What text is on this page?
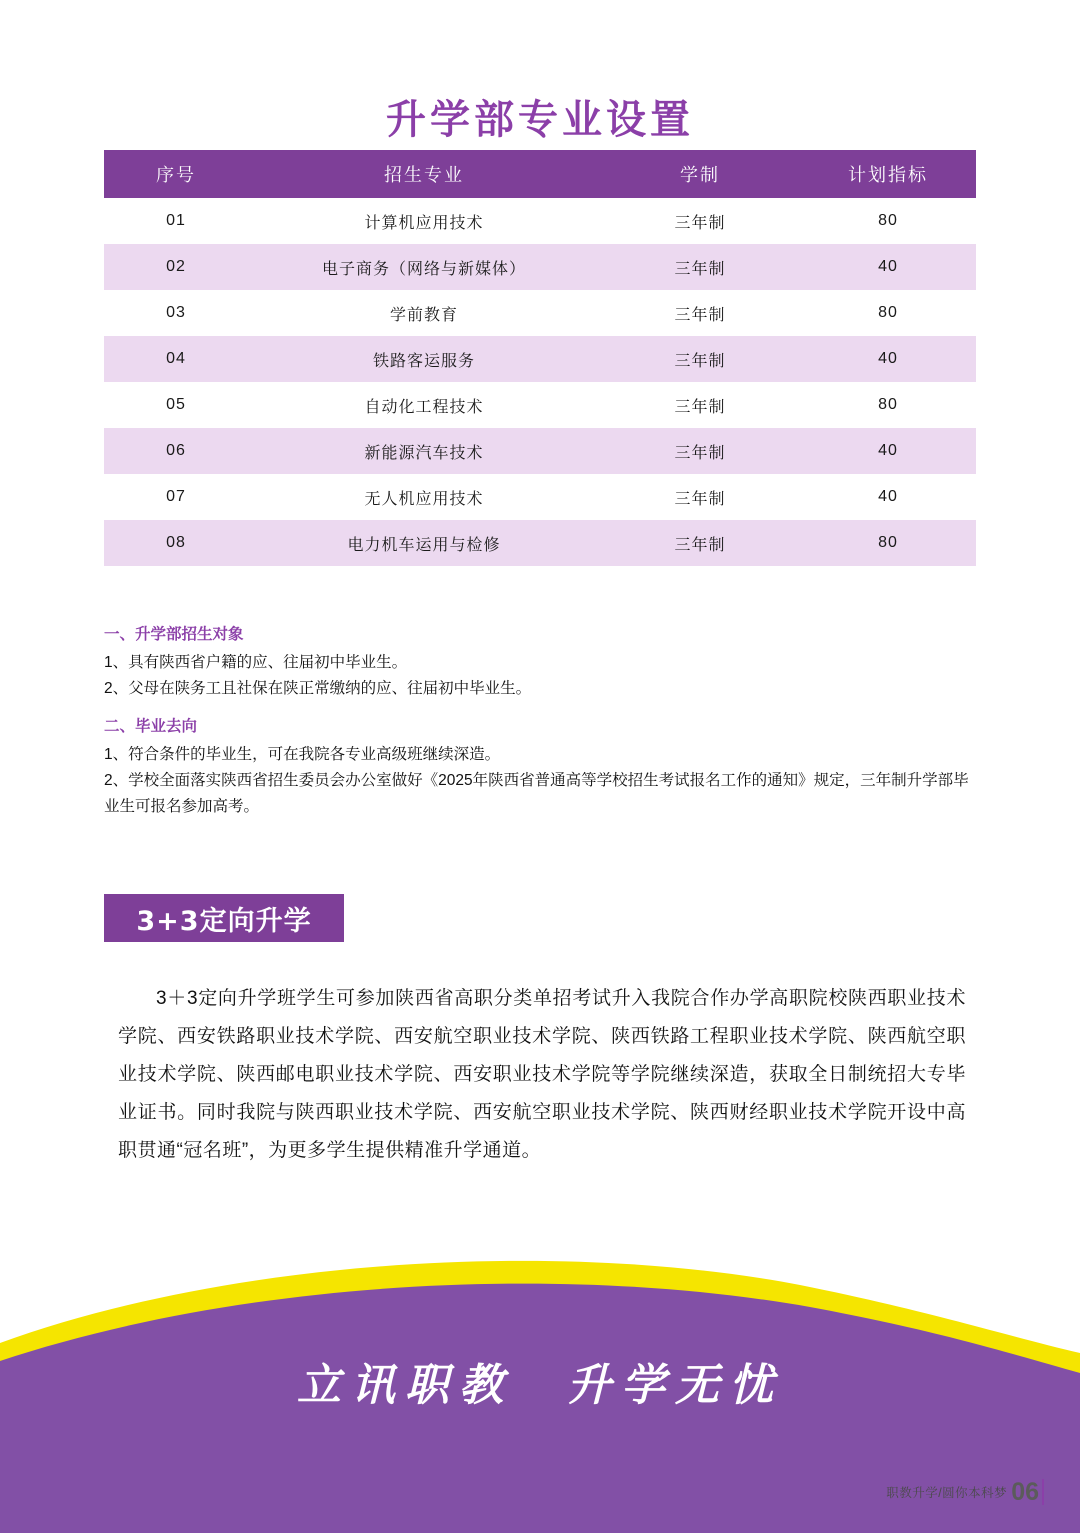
升学部专业设置
序号	招生专业	学制	计划指标
01	计算机应用技术	三年制	80
02	电子商务（网络与新媒体）	三年制	40
03	学前教育	三年制	80
04	铁路客运服务	三年制	40
05	自动化工程技术	三年制	80
06	新能源汽车技术	三年制	40
07	无人机应用技术	三年制	40
08	电力机车运用与检修	三年制	80

一、升学部招生对象

1、具有陕西省户籍的应、往届初中毕业生。

2、父母在陕务工且社保在陕正常缴纳的应、往届初中毕业生。

二、毕业去向

1、符合条件的毕业生，可在我院各专业高级班继续深造。

2、学校全面落实陕西省招生委员会办公室做好《2025年陕西省普通高等学校招生考试报名工作的通知》规定，三年制升学部毕业生可报名参加高考。

3+3定向升学
3＋3定向升学班学生可参加陕西省高职分类单招考试升入我院合作办学高职院校陕西职业技术学院、西安铁路职业技术学院、西安航空职业技术学院、陕西铁路工程职业技术学院、陕西航空职业技术学院、陕西邮电职业技术学院、西安职业技术学院等学院继续深造，获取全日制统招大专毕业证书。同时我院与陕西职业技术学院、西安航空职业技术学院、陕西财经职业技术学院开设中高职贯通“冠名班”，为更多学生提供精准升学通道。
立讯职教　升学无忧
职教升学/圆你本科梦 06
